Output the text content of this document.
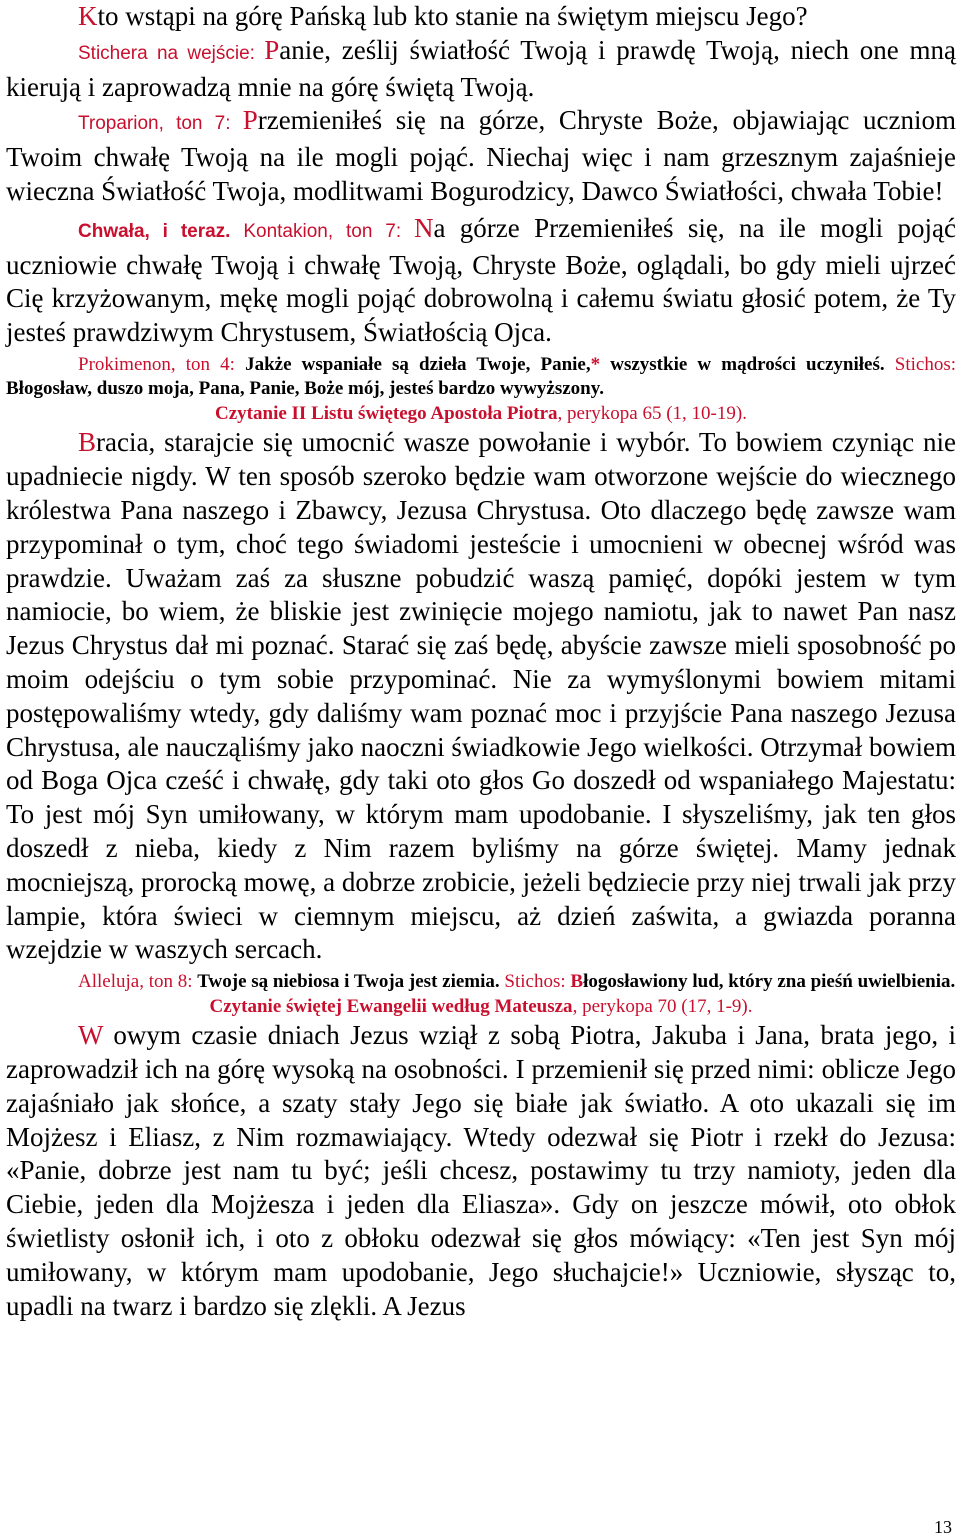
Kto wstąpi na górę Pańską lub kto stanie na świętym miejscu Jego?

Stichera na wejście: Panie, ześlij światłość Twoją i prawdę Twoją, niech one mną kierują i zaprowadzą mnie na górę świętą Twoją.

Troparion, ton 7: Przemieniłeś się na górze, Chryste Boże, objawiając uczniom Twoim chwałę Twoją na ile mogli pojąć. Niechaj więc i nam grzesznym zajaśnieje wieczna Światłość Twoja, modlitwami Bogurodzicy, Dawco Światłości, chwała Tobie!

Chwała, i teraz. Kontakion, ton 7: Na górze Przemieniłeś się, na ile mogli pojąć uczniowie chwałę Twoją i chwałę Twoją, Chryste Boże, oglądali, bo gdy mieli ujrzeć Cię krzyżowanym, mękę mogli pojąć dobrowolną i całemu światu głosić potem, że Ty jesteś prawdziwym Chrystusem, Światłością Ojca.

Prokimenon, ton 4: Jakże wspaniałe są dzieła Twoje, Panie,* wszystkie w mądrości uczyniłeś. Stichos: Błogosław, duszo moja, Pana, Panie, Boże mój, jesteś bardzo wywyższony.

Czytanie II Listu świętego Apostoła Piotra, perykopa 65 (1, 10-19).

Bracia, starajcie się umocnić wasze powołanie i wybór. To bowiem czyniąc nie upadniecie nigdy. W ten sposób szeroko będzie wam otworzone wejście do wiecznego królestwa Pana naszego i Zbawcy, Jezusa Chrystusa. Oto dlaczego będę zawsze wam przypominał o tym, choć tego świadomi jesteście i umocnieni w obecnej wśród was prawdzie. Uważam zaś za słuszne pobudzić waszą pamięć, dopóki jestem w tym namiocie, bo wiem, że bliskie jest zwinięcie mojego namiotu, jak to nawet Pan nasz Jezus Chrystus dał mi poznać. Starać się zaś będę, abyście zawsze mieli sposobność po moim odejściu o tym sobie przypominać. Nie za wymyślonymi bowiem mitami postępowaliśmy wtedy, gdy daliśmy wam poznać moc i przyjście Pana naszego Jezusa Chrystusa, ale naucząliśmy jako naoczni świadkowie Jego wielkości. Otrzymał bowiem od Boga Ojca cześć i chwałę, gdy taki oto głos Go doszedł od wspaniałego Majestatu: To jest mój Syn umiłowany, w którym mam upodobanie. I słyszeliśmy, jak ten głos doszedł z nieba, kiedy z Nim razem byliśmy na górze świętej. Mamy jednak mocniejszą, prorocką mowę, a dobrze zrobicie, jeżeli będziecie przy niej trwali jak przy lampie, która świeci w ciemnym miejscu, aż dzień zaświta, a gwiazda poranna wzejdzie w waszych sercach.

Alleluja, ton 8: Twoje są niebiosa i Twoja jest ziemia. Stichos: Błogosławiony lud, który zna pieśń uwielbienia.

Czytanie świętej Ewangelii według Mateusza, perykopa 70 (17, 1-9).

W owym czasie dniach Jezus wziął z sobą Piotra, Jakuba i Jana, brata jego, i zaprowadził ich na górę wysoką na osobności. I przemienił się przed nimi: oblicze Jego zajaśniało jak słońce, a szaty stały Jego się białe jak światło. A oto ukazali się im Mojżesz i Eliasz, z Nim rozmawiający. Wtedy odezwał się Piotr i rzekł do Jezusa: «Panie, dobrze jest nam tu być; jeśli chcesz, postawimy tu trzy namioty, jeden dla Ciebie, jeden dla Mojżesza i jeden dla Eliasza». Gdy on jeszcze mówił, oto obłok świetlisty osłonił ich, i oto z obłoku odezwał się głos mówiący: «Ten jest Syn mój umiłowany, w którym mam upodobanie, Jego słuchajcie!» Uczniowie, słysząc to, upadli na twarz i bardzo się zlękli. A Jezus

13
